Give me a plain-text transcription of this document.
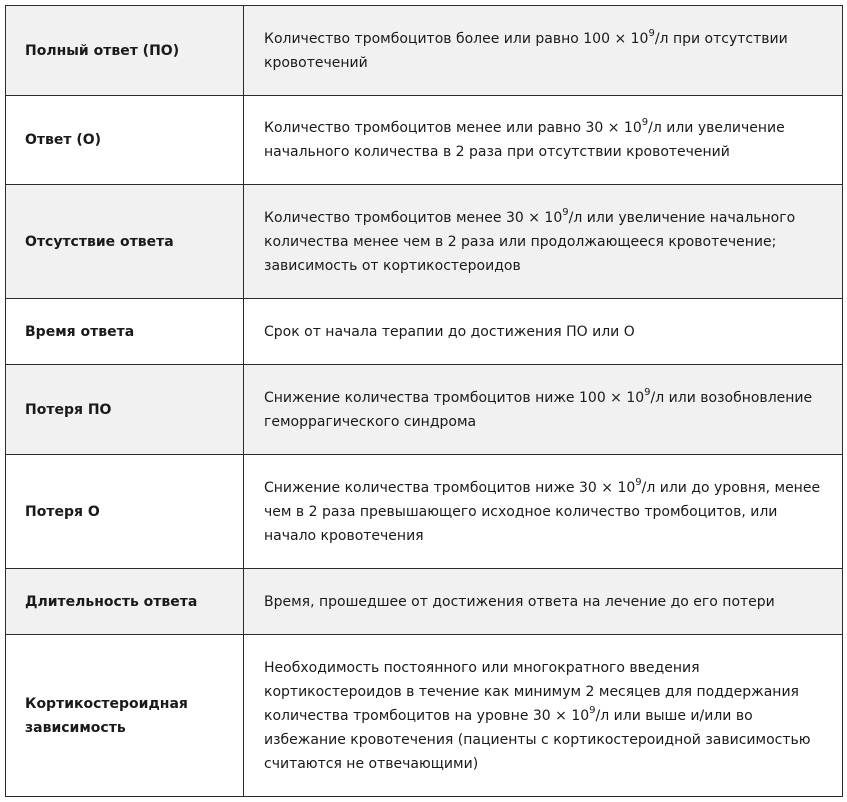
Полный ответ (ПО)	Количество тромбоцитов более или равно $100 \times 10^9/л$ при отсутствии кровотечений
Ответ (О)	Количество тромбоцитов менее или равно $30 \times 10^9/л$ или увеличение начального количества в 2 раза при отсутствии кровотечений
Отсутствие ответа	Количество тромбоцитов менее $30 \times 10^9/л$ или увеличение начального количества менее чем в 2 раза или продолжающееся кровотечение; зависимость от кортикостероидов
Время ответа	Срок от начала терапии до достижения ПО или О
Потеря ПО	Снижение количества тромбоцитов ниже $100 \times 10^9/л$ или возобновление геморрагического синдрома
Потеря О	Снижение количества тромбоцитов ниже $30 \times 10^9/л$ или до уровня, менее чем в 2 раза превышающего исходное количество тромбоцитов, или начало кровотечения
Длительность ответа	Время, прошедшее от достижения ответа на лечение до его потери
Кортикостероидная зависимость	Необходимость постоянного или многократного введения кортикостероидов в течение как минимум 2 месяцев для поддержания количества тромбоцитов на уровне $30 \times 10^9/л$ или выше и/или во избежание кровотечения (пациенты с кортикостероидной зависимостью считаются не отвечающими)
